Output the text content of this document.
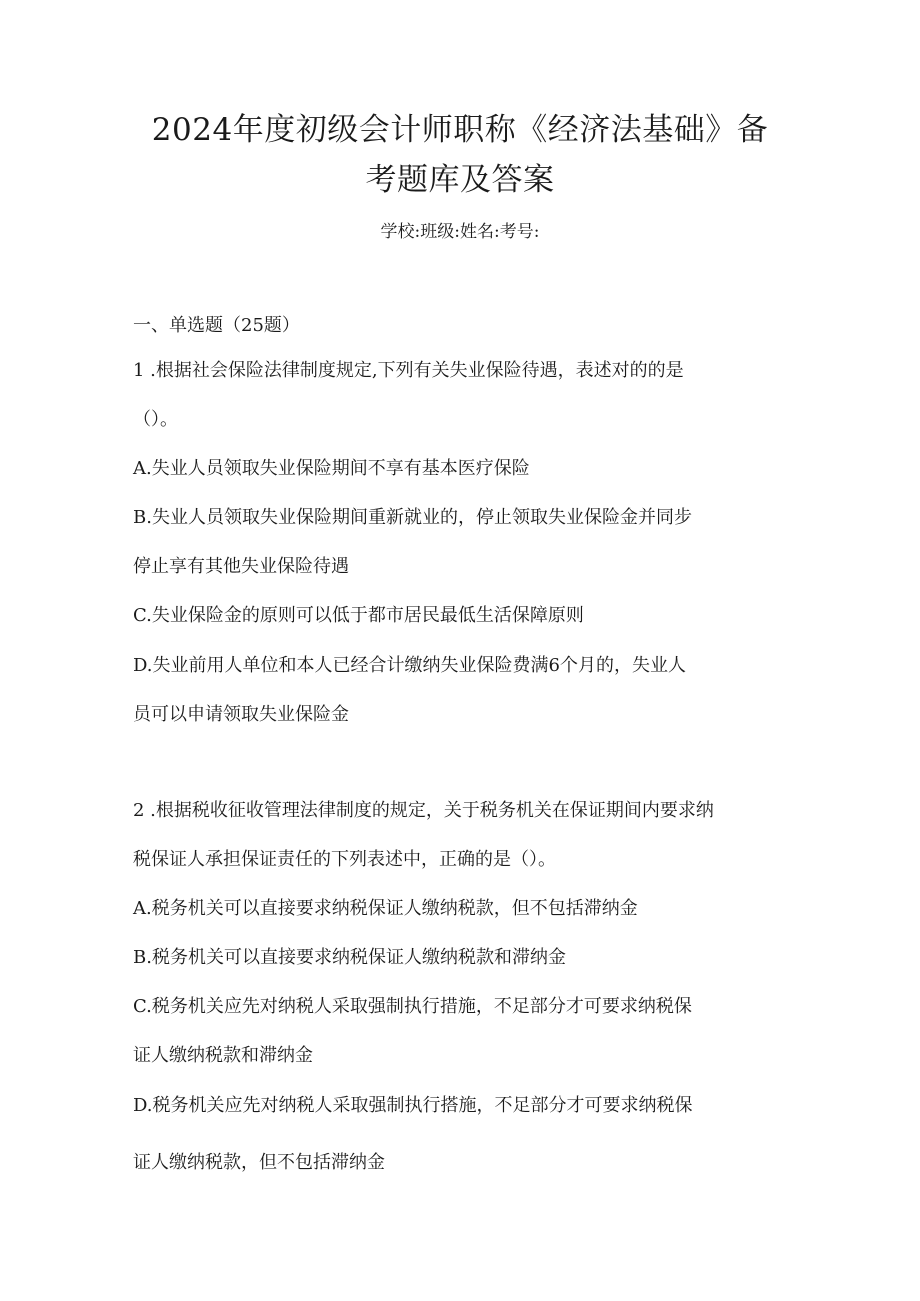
2024年度初级会计师职称《经济法基础》备
考题库及答案
学校:班级:姓名:考号:
一、单选题（25题）
1 .根据社会保险法律制度规定,下列有关失业保险待遇，表述对的的是
（）。
A.失业人员领取失业保险期间不享有基本医疗保险
B.失业人员领取失业保险期间重新就业的，停止领取失业保险金并同步
停止享有其他失业保险待遇
C.失业保险金的原则可以低于都市居民最低生活保障原则
D.失业前用人单位和本人已经合计缴纳失业保险费满6个月的，失业人
员可以申请领取失业保险金
2 .根据税收征收管理法律制度的规定，关于税务机关在保证期间内要求纳
税保证人承担保证责任的下列表述中，正确的是（）。
A.税务机关可以直接要求纳税保证人缴纳税款，但不包括滞纳金
B.税务机关可以直接要求纳税保证人缴纳税款和滞纳金
C.税务机关应先对纳税人采取强制执行措施，不足部分才可要求纳税保
证人缴纳税款和滞纳金
D.税务机关应先对纳税人采取强制执行搭施，不足部分才可要求纳税保
证人缴纳税款，但不包括滞纳金
